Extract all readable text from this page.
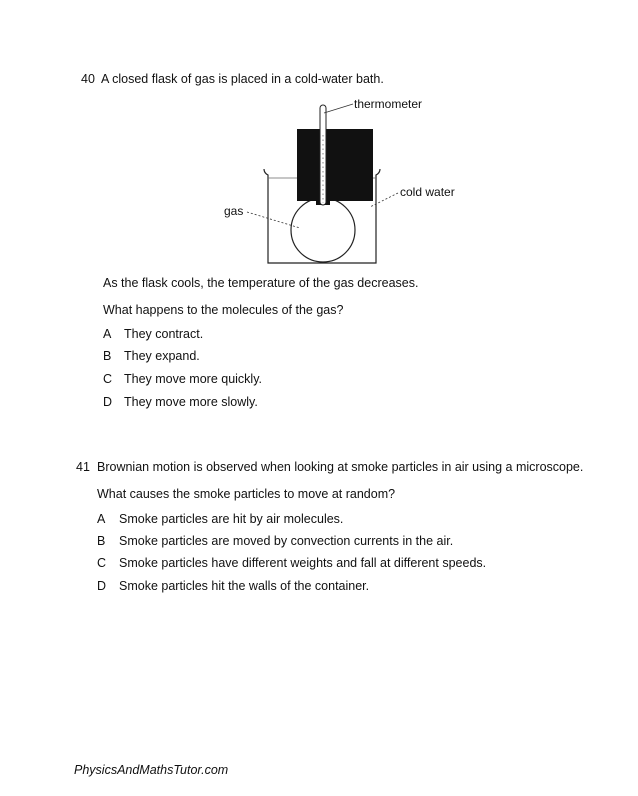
40 A closed flask of gas is placed in a cold-water bath.
thermometer
cold water
gas
As the flask cools, the temperature of the gas decreases.
What happens to the molecules of the gas?
A They contract.
B They expand.
C They move more quickly.
D They move more slowly.
41 Brownian motion is observed when looking at smoke particles in air using a microscope.
What causes the smoke particles to move at random?
A Smoke particles are hit by air molecules.
B Smoke particles are moved by convection currents in the air.
C Smoke particles have different weights and fall at different speeds.
D Smoke particles hit the walls of the container.
PhysicsAndMathsTutor.com
